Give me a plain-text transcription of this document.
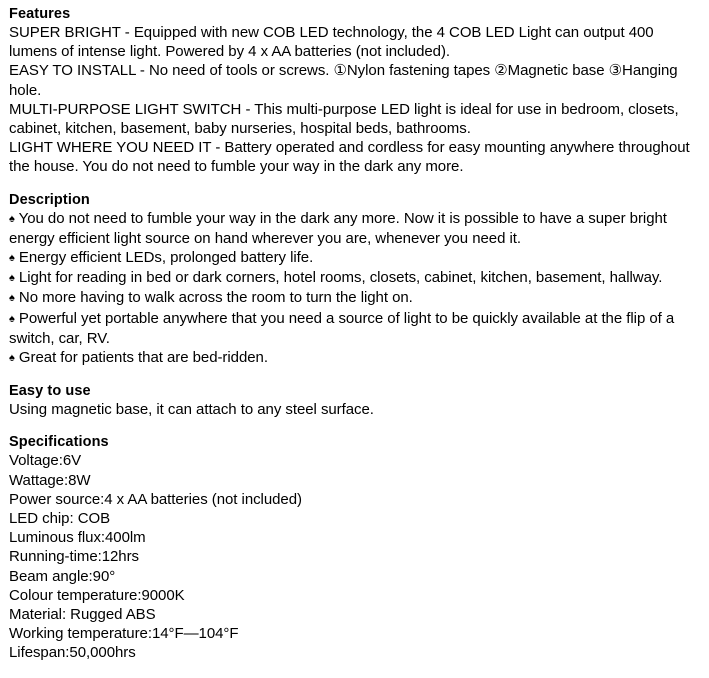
Features

SUPER BRIGHT - Equipped with new COB LED technology, the 4 COB LED Light can output 400 lumens of intense light. Powered by 4 x AA batteries (not included).

EASY TO INSTALL - No need of tools or screws. ①Nylon fastening tapes ②Magnetic base ③Hanging hole.

MULTI-PURPOSE LIGHT SWITCH - This multi-purpose LED light is ideal for use in bedroom, closets, cabinet, kitchen, basement, baby nurseries, hospital beds, bathrooms.

LIGHT WHERE YOU NEED IT - Battery operated and cordless for easy mounting anywhere throughout the house. You do not need to fumble your way in the dark any more.

Description

♠ You do not need to fumble your way in the dark any more. Now it is possible to have a super bright energy efficient light source on hand wherever you are, whenever you need it.

♠ Energy efficient LEDs, prolonged battery life.

♠ Light for reading in bed or dark corners, hotel rooms, closets, cabinet, kitchen, basement, hallway.

♠ No more having to walk across the room to turn the light on.

♠ Powerful yet portable anywhere that you need a source of light to be quickly available at the flip of a switch, car, RV.

♠ Great for patients that are bed-ridden.

Easy to use

Using magnetic base, it can attach to any steel surface.

Specifications
Voltage:6V
Wattage:8W
Power source:4 x AA batteries (not included)
LED chip: COB
Luminous flux:400lm
Running-time:12hrs
Beam angle:90°
Colour temperature:9000K
Material: Rugged ABS
Working temperature:14°F—104°F
Lifespan:50,000hrs
